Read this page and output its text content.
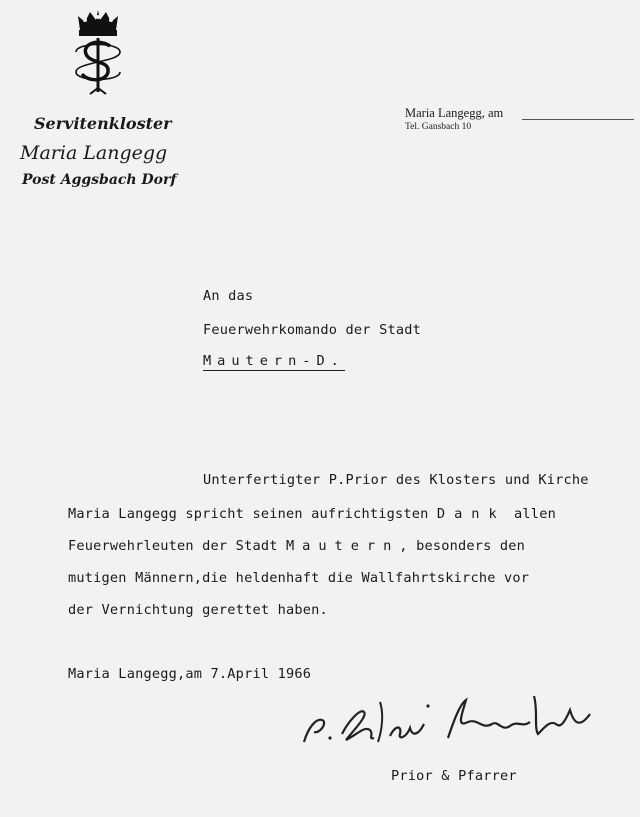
Servitenkloster
Maria Langegg
Post Aggsbach Dorf
Maria Langegg, am
Tel. Gansbach 10
An das
Feuerwehrkomando der Stadt
Mautern-D.
Unterfertigter P.Prior des Klosters und Kirche
Maria Langegg spricht seinen aufrichtigsten Dank allen
Feuerwehrleuten der Stadt Mautern, besonders den
mutigen Männern,die heldenhaft die Wallfahrtskirche vor
der Vernichtung gerettet haben.
Maria Langegg,am 7.April 1966
Prior & Pfarrer
